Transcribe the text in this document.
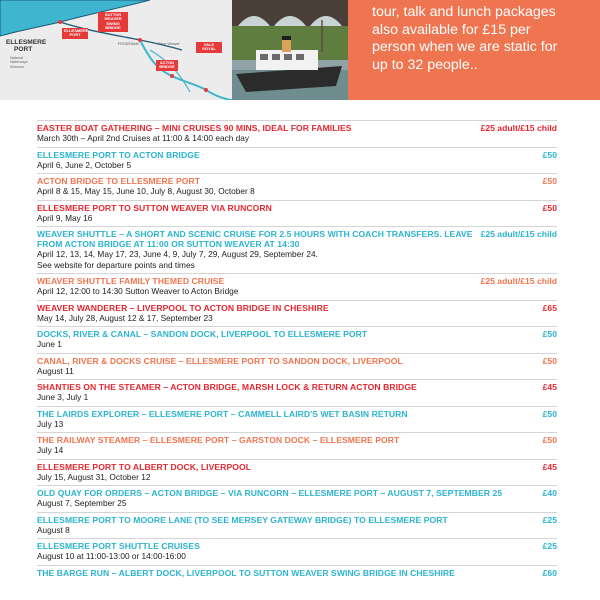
ELLESMERE PORT
SUTTON WEAVER SWING BRIDGE
ACTON BRIDGE
VALE ROYAL
River Weaver
FRODSHAM
ELLESMERE
PORT
National
Waterways
Museum
tour, talk and lunch packages
also available for £15 per
person when we are static for
up to 32 people..
EASTER BOAT GATHERING – MINI CRUISES 90 MINS, IDEAL FOR FAMILIES	£25 adult/£15 child
March 30th – April 2nd Cruises at 11:00 & 14:00 each day
ELLESMERE PORT TO ACTON BRIDGE	£50
April 6, June 2, October 5
ACTON BRIDGE TO ELLESMERE PORT	£50
April 8 & 15, May 15, June 10, July 8, August 30, October 8
ELLESMERE PORT TO SUTTON WEAVER VIA RUNCORN	£50
April 9, May 16
WEAVER SHUTTLE – A SHORT AND SCENIC CRUISE FOR 2.5 HOURS WITH COACH TRANSFERS. LEAVE FROM ACTON BRIDGE AT 11:00 OR SUTTON WEAVER AT 14:30
£25 adult/£15 child
April 12, 13, 14, May 17, 23, June 4, 9, July 7, 29, August 29, September 24.
See website for departure points and times
WEAVER SHUTTLE FAMILY THEMED CRUISE	£25 adult/£15 child
April 12, 12:00 to 14:30 Sutton Weaver to Acton Bridge
WEAVER WANDERER – LIVERPOOL TO ACTON BRIDGE IN CHESHIRE	£65
May 14, July 28, August 12 & 17, September 23
DOCKS, RIVER & CANAL – SANDON DOCK, LIVERPOOL TO ELLESMERE PORT	£50
June 1
CANAL, RIVER & DOCKS CRUISE – ELLESMERE PORT TO SANDON DOCK, LIVERPOOL	£50
August 11
SHANTIES ON THE STEAMER – ACTON BRIDGE, MARSH LOCK & RETURN ACTON BRIDGE	£45
June 3, July 1
THE LAIRDS EXPLORER – ELLESMERE PORT – CAMMELL LAIRD'S WET BASIN RETURN	£50
July 13
THE RAILWAY STEAMER – ELLESMERE PORT – GARSTON DOCK – ELLESMERE PORT	£50
July 14
ELLESMERE PORT TO ALBERT DOCK, LIVERPOOL	£45
July 15, August 31, October 12
OLD QUAY FOR ORDERS – ACTON BRIDGE – VIA RUNCORN – ELLESMERE PORT – AUGUST 7, SEPTEMBER 25	£40
August 7, September 25
ELLESMERE PORT TO MOORE LANE (TO SEE MERSEY GATEWAY BRIDGE) TO ELLESMERE PORT	£25
August 8
ELLESMERE PORT SHUTTLE CRUISES	£25
August 10 at 11:00-13:00 or 14:00-16:00
THE BARGE RUN – ALBERT DOCK, LIVERPOOL TO SUTTON WEAVER SWING BRIDGE IN CHESHIRE	£60
